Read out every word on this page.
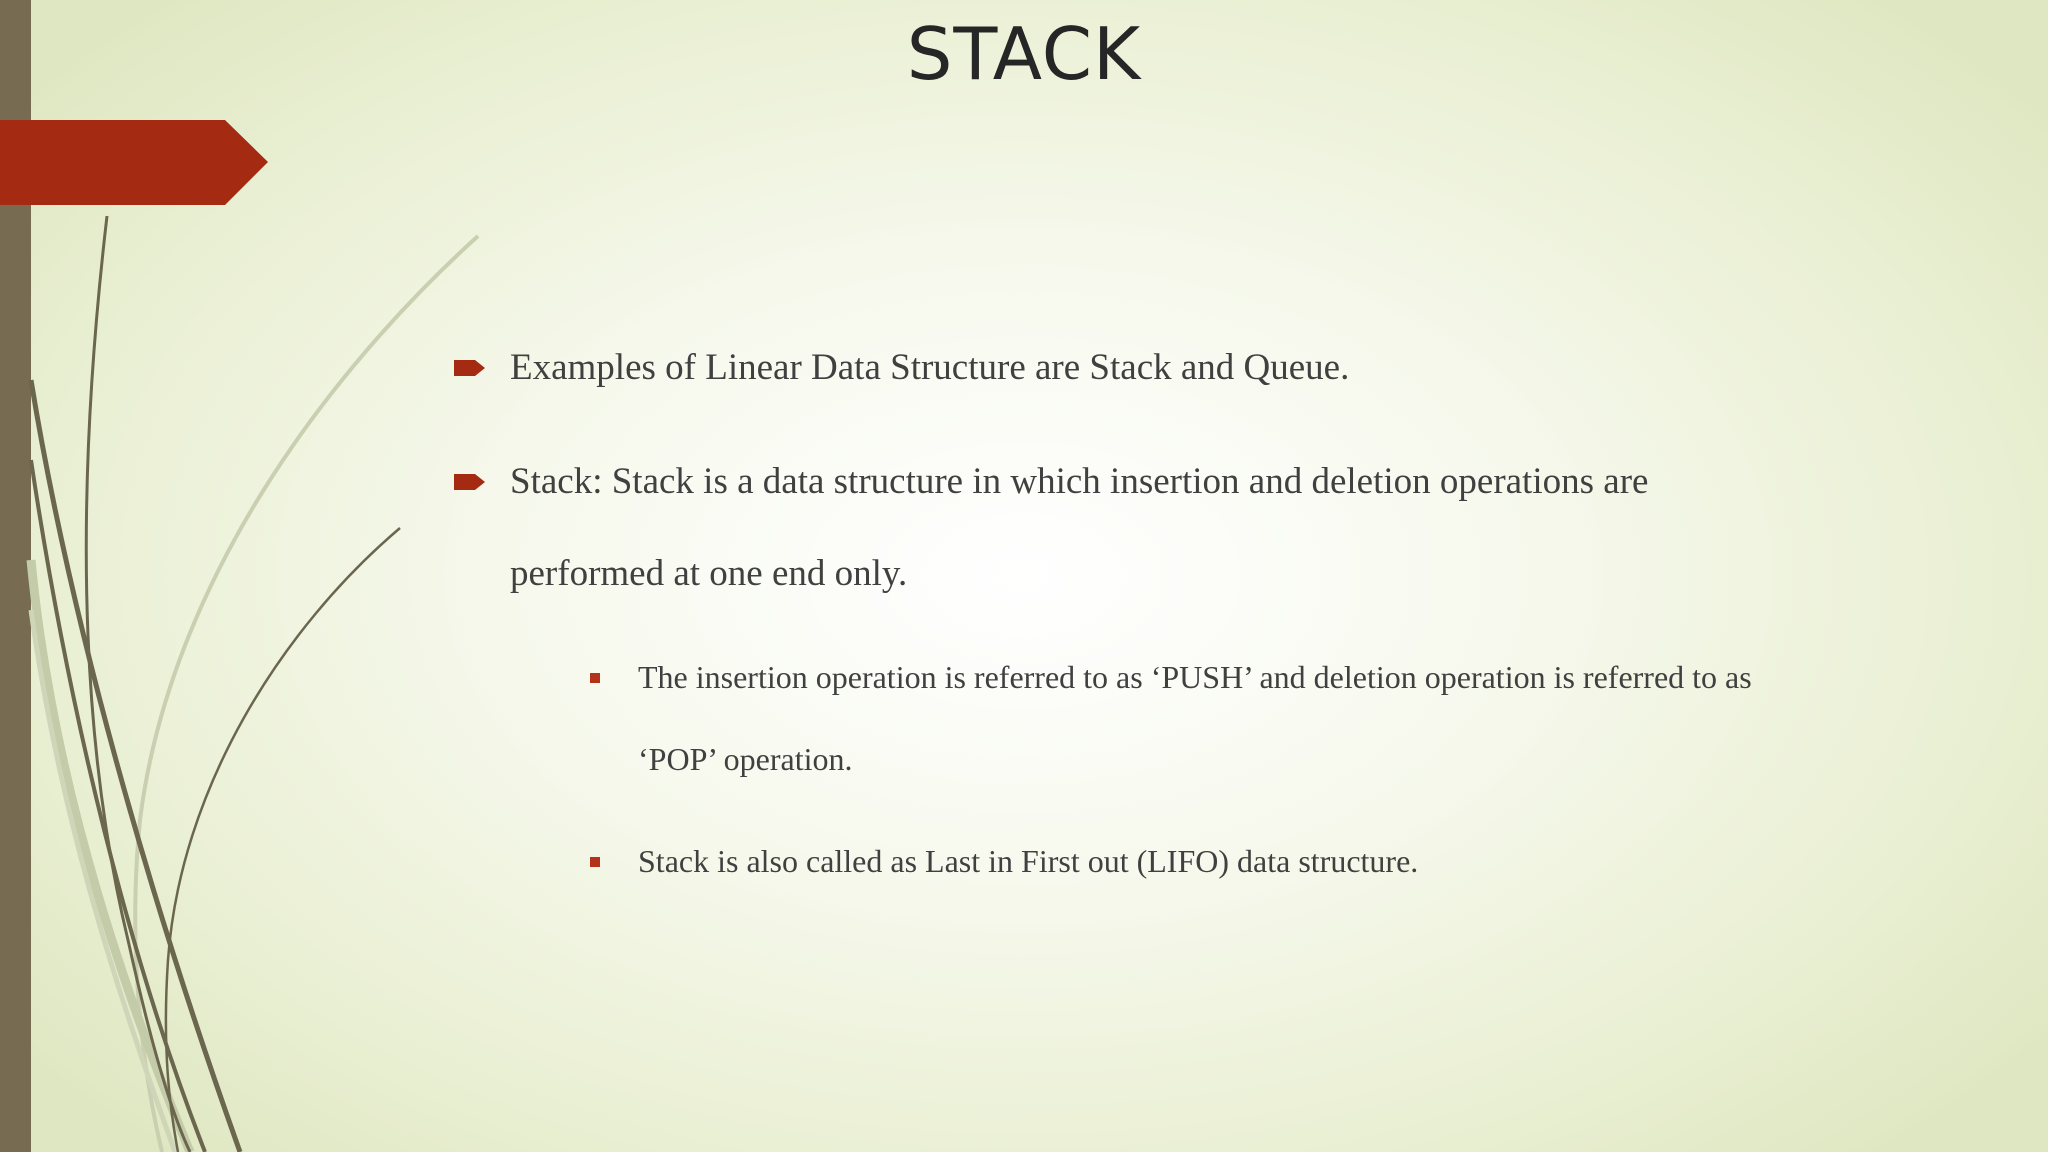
STACK
Examples of Linear Data Structure are Stack and Queue.
Stack: Stack is a data structure in which insertion and deletion operations are performed at one end only.
The insertion operation is referred to as ‘PUSH’ and deletion operation is referred to as ‘POP’ operation.
Stack is also called as Last in First out (LIFO) data structure.
